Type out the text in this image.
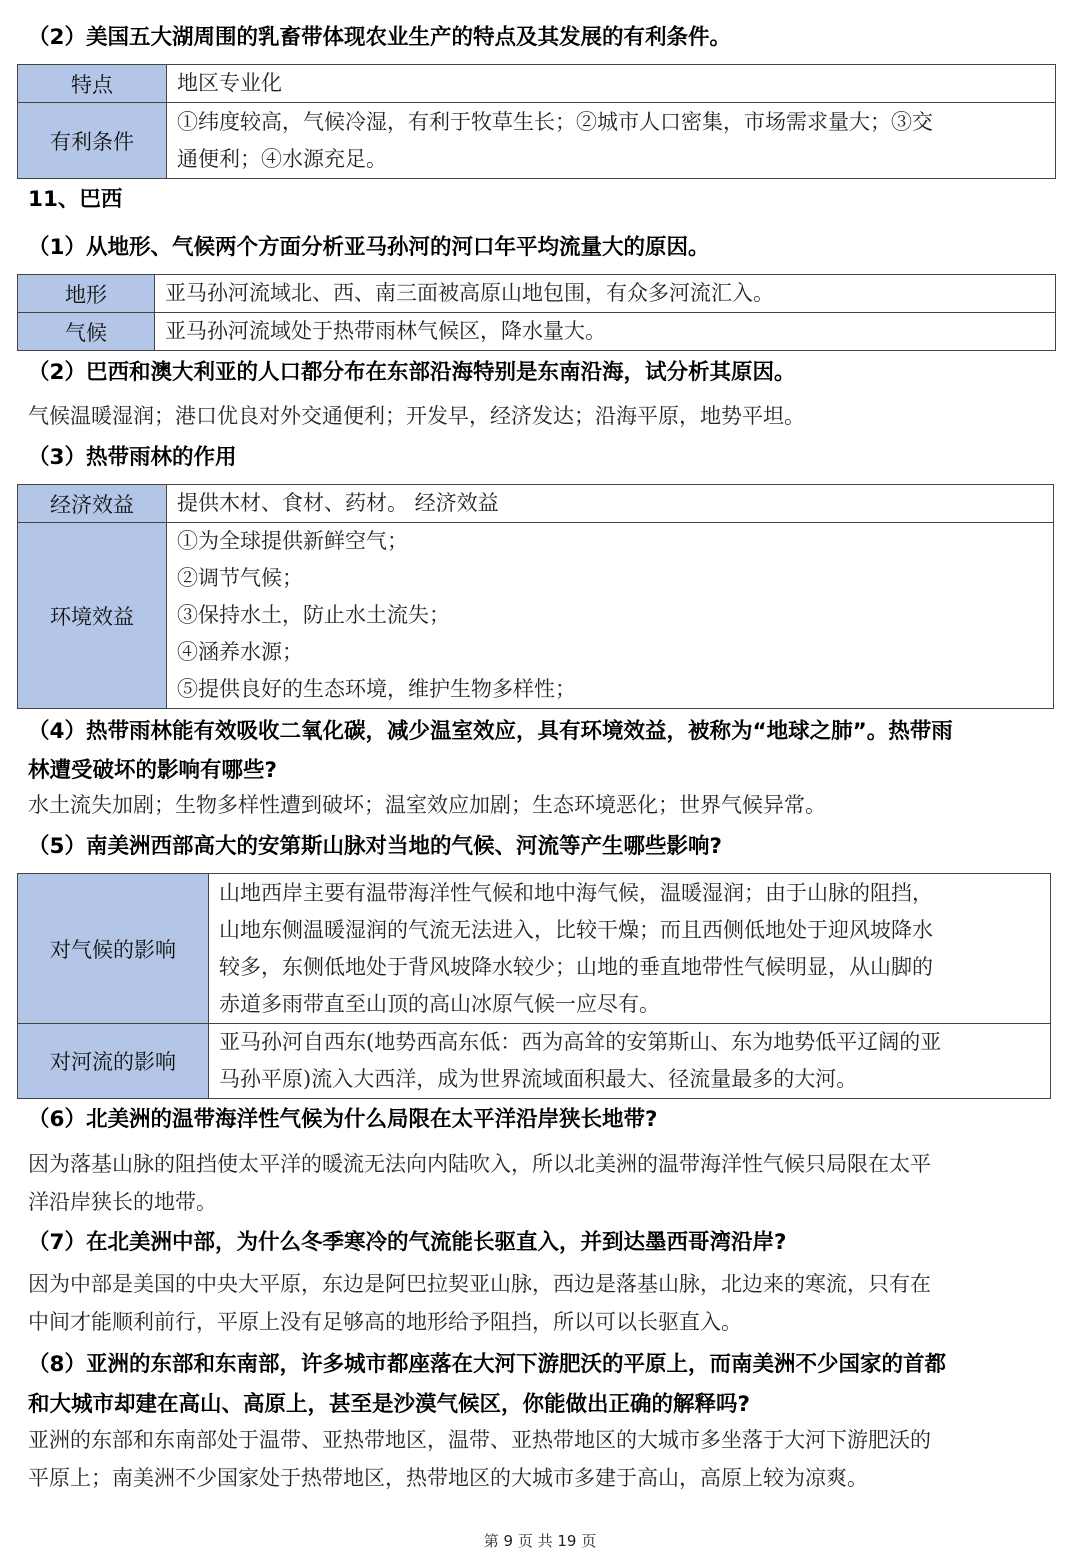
（2）美国五大湖周围的乳畜带体现农业生产的特点及其发展的有利条件。
特点	地区专业化
有利条件	①纬度较高，气候冷湿，有利于牧草生长；②城市人口密集，市场需求量大；③交
通便利；④水源充足。
11、巴西
（1）从地形、气候两个方面分析亚马孙河的河口年平均流量大的原因。
地形	亚马孙河流域北、西、南三面被高原山地包围，有众多河流汇入。
气候	亚马孙河流域处于热带雨林气候区，降水量大。
（2）巴西和澳大利亚的人口都分布在东部沿海特别是东南沿海，试分析其原因。
气候温暖湿润；港口优良对外交通便利；开发早，经济发达；沿海平原，地势平坦。
（3）热带雨林的作用
经济效益	提供木材、食材、药材。 经济效益
环境效益	①为全球提供新鲜空气；
②调节气候；
③保持水土，防止水土流失；
④涵养水源；
⑤提供良好的生态环境，维护生物多样性；
（4）热带雨林能有效吸收二氧化碳，减少温室效应，具有环境效益，被称为“地球之肺”。热带雨
林遭受破坏的影响有哪些?
水土流失加剧；生物多样性遭到破坏；温室效应加剧；生态环境恶化；世界气候异常。
（5）南美洲西部高大的安第斯山脉对当地的气候、河流等产生哪些影响?
对气候的影响	山地西岸主要有温带海洋性气候和地中海气候，温暖湿润；由于山脉的阻挡，
山地东侧温暖湿润的气流无法进入，比较干燥；而且西侧低地处于迎风坡降水
较多，东侧低地处于背风坡降水较少；山地的垂直地带性气候明显，从山脚的
赤道多雨带直至山顶的高山冰原气候一应尽有。

对河流的影响	亚马孙河自西东(地势西高东低：西为高耸的安第斯山、东为地势低平辽阔的亚
马孙平原)流入大西洋，成为世界流域面积最大、径流量最多的大河。
（6）北美洲的温带海洋性气候为什么局限在太平洋沿岸狭长地带?
因为落基山脉的阻挡使太平洋的暖流无法向内陆吹入，所以北美洲的温带海洋性气候只局限在太平
洋沿岸狭长的地带。
（7）在北美洲中部，为什么冬季寒冷的气流能长驱直入，并到达墨西哥湾沿岸?
因为中部是美国的中央大平原，东边是阿巴拉契亚山脉，西边是落基山脉，北边来的寒流，只有在
中间才能顺利前行，平原上没有足够高的地形给予阻挡，所以可以长驱直入。
（8）亚洲的东部和东南部，许多城市都座落在大河下游肥沃的平原上，而南美洲不少国家的首都
和大城市却建在高山、高原上，甚至是沙漠气候区，你能做出正确的解释吗?
亚洲的东部和东南部处于温带、亚热带地区，温带、亚热带地区的大城市多坐落于大河下游肥沃的
平原上；南美洲不少国家处于热带地区，热带地区的大城市多建于高山，高原上较为凉爽。
第 9 页 共 19 页
